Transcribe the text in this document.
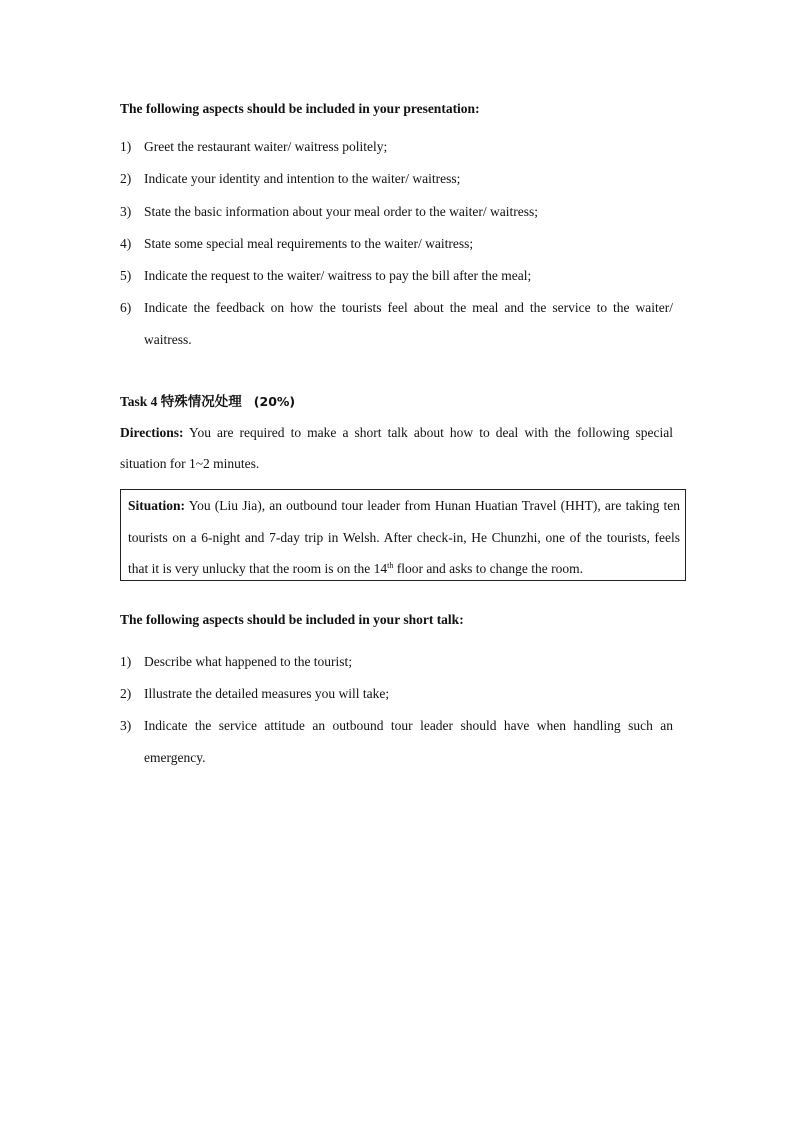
The following aspects should be included in your presentation:
1) Greet the restaurant waiter/ waitress politely;
2) Indicate your identity and intention to the waiter/ waitress;
3) State the basic information about your meal order to the waiter/ waitress;
4) State some special meal requirements to the waiter/ waitress;
5) Indicate the request to the waiter/ waitress to pay the bill after the meal;
6) Indicate the feedback on how the tourists feel about the meal and the service to the waiter/ waitress.
Task 4 特殊情况处理 (20%)
Directions: You are required to make a short talk about how to deal with the following special situation for 1~2 minutes.
Situation: You (Liu Jia), an outbound tour leader from Hunan Huatian Travel (HHT), are taking ten tourists on a 6-night and 7-day trip in Welsh. After check-in, He Chunzhi, one of the tourists, feels that it is very unlucky that the room is on the 14th floor and asks to change the room.
The following aspects should be included in your short talk:
1) Describe what happened to the tourist;
2) Illustrate the detailed measures you will take;
3) Indicate the service attitude an outbound tour leader should have when handling such an emergency.
